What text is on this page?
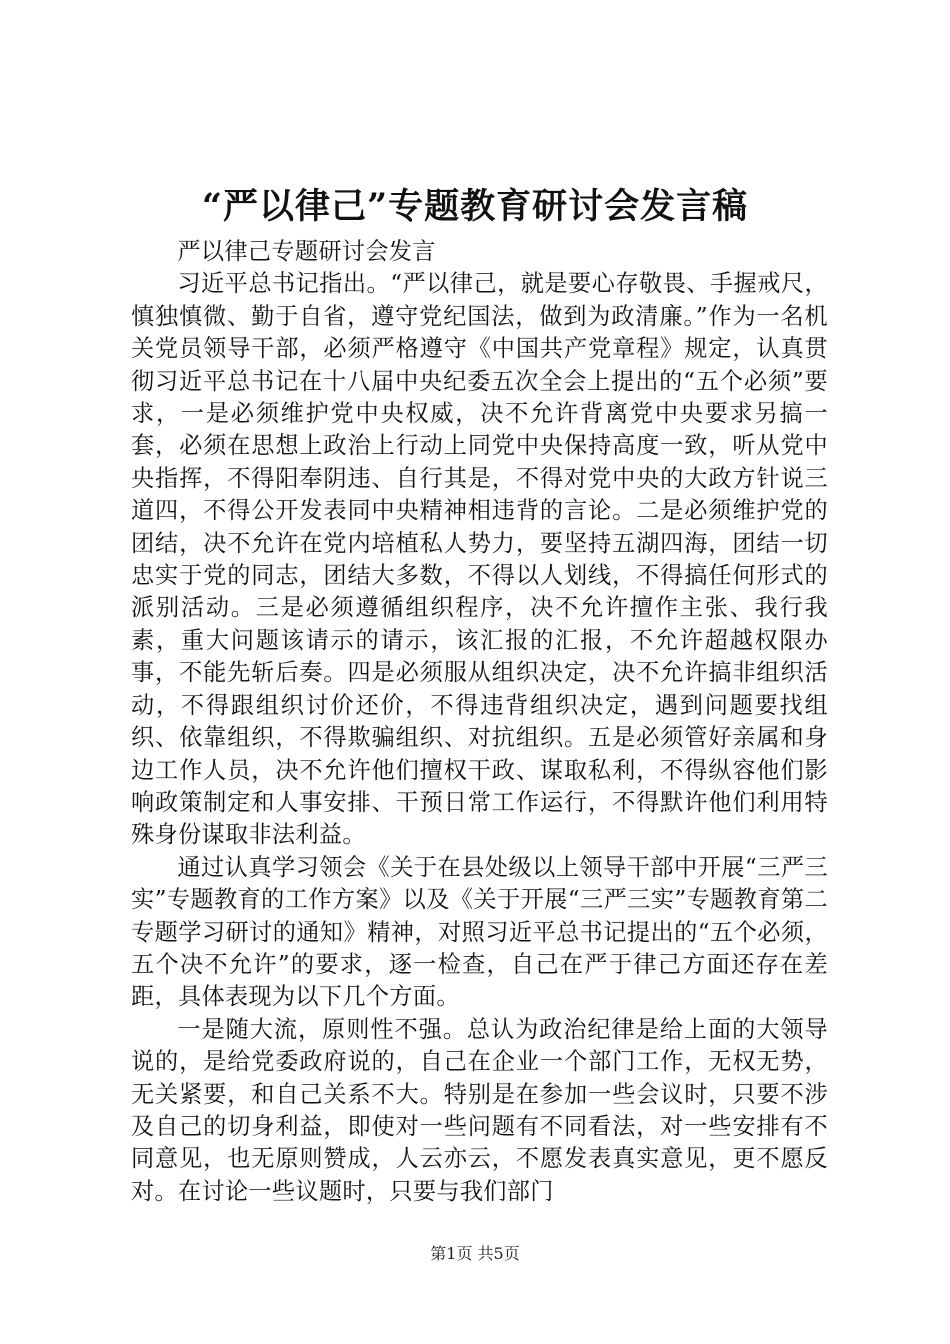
“严以律己”专题教育研讨会发言稿

严以律己专题研讨会发言

习近平总书记指出。“严以律己，就是要心存敬畏、手握戒尺，慎独慎微、勤于自省，遵守党纪国法，做到为政清廉。”作为一名机关党员领导干部，必须严格遵守《中国共产党章程》规定，认真贯彻习近平总书记在十八届中央纪委五次全会上提出的“五个必须”要求，一是必须维护党中央权威，决不允许背离党中央要求另搞一套，必须在思想上政治上行动上同党中央保持高度一致，听从党中央指挥，不得阳奉阴违、自行其是，不得对党中央的大政方针说三道四，不得公开发表同中央精神相违背的言论。二是必须维护党的团结，决不允许在党内培植私人势力，要坚持五湖四海，团结一切忠实于党的同志，团结大多数，不得以人划线，不得搞任何形式的派别活动。三是必须遵循组织程序，决不允许擅作主张、我行我素，重大问题该请示的请示，该汇报的汇报，不允许超越权限办事，不能先斩后奏。四是必须服从组织决定，决不允许搞非组织活动，不得跟组织讨价还价，不得违背组织决定，遇到问题要找组织、依靠组织，不得欺骗组织、对抗组织。五是必须管好亲属和身边工作人员，决不允许他们擅权干政、谋取私利，不得纵容他们影响政策制定和人事安排、干预日常工作运行，不得默许他们利用特殊身份谋取非法利益。

通过认真学习领会《关于在县处级以上领导干部中开展“三严三实”专题教育的工作方案》以及《关于开展“三严三实”专题教育第二专题学习研讨的通知》精神，对照习近平总书记提出的“五个必须，五个决不允许”的要求，逐一检查，自己在严于律己方面还存在差距，具体表现为以下几个方面。

一是随大流，原则性不强。总认为政治纪律是给上面的大领导说的，是给党委政府说的，自己在企业一个部门工作，无权无势，无关紧要，和自己关系不大。特别是在参加一些会议时，只要不涉及自己的切身利益，即使对一些问题有不同看法，对一些安排有不同意见，也无原则赞成，人云亦云，不愿发表真实意见，更不愿反对。在讨论一些议题时，只要与我们部门

第1页 共5页
